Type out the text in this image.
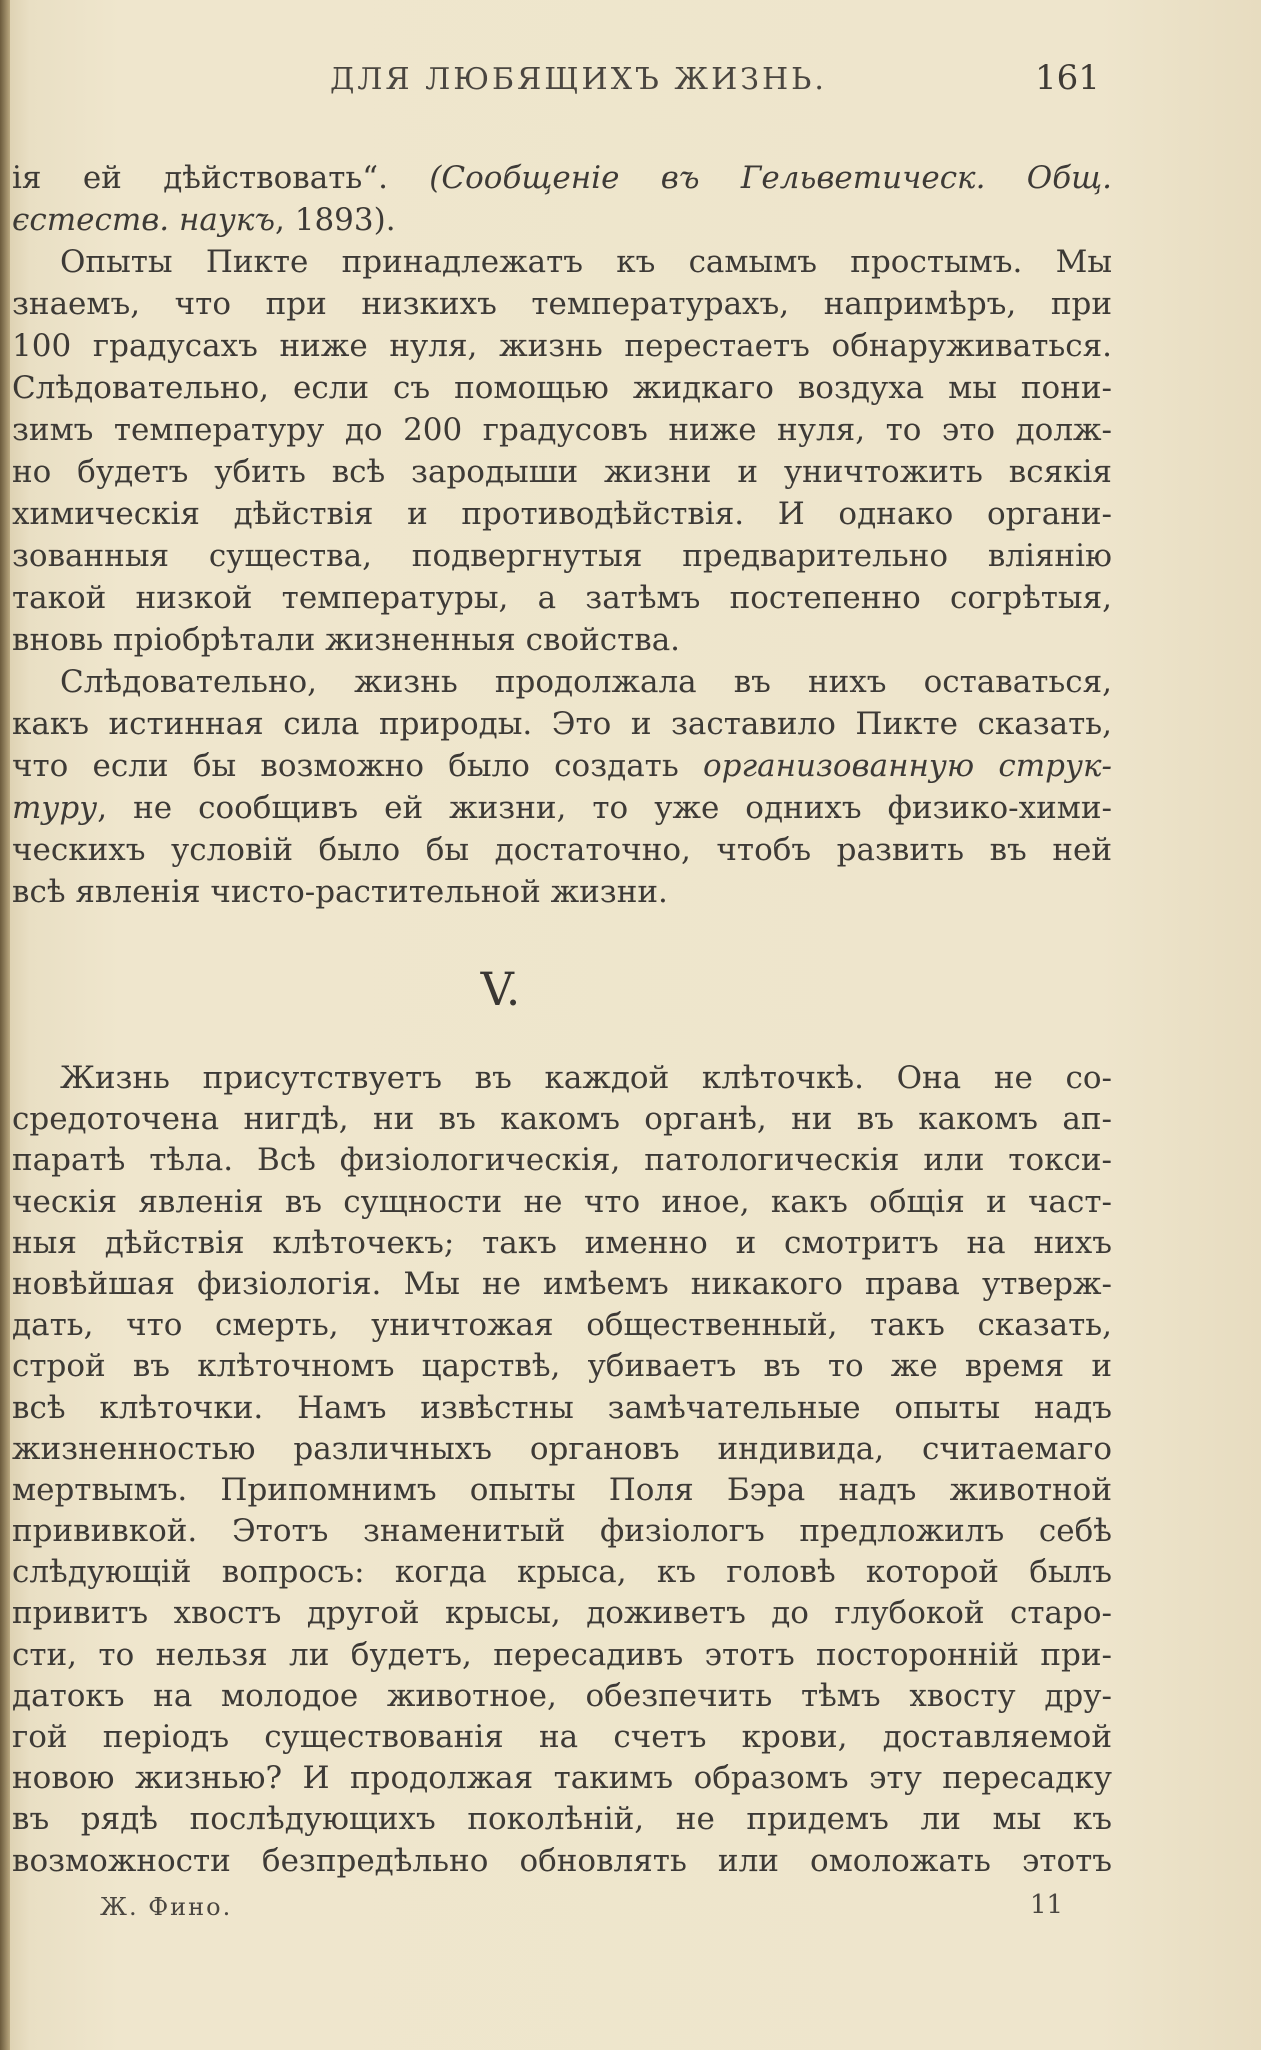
ДЛЯ ЛЮБЯЩИХЪ ЖИЗНЬ.	161
ія ей дѣйствовать“. (Сообщеніе въ Гельветическ. Общ.
єстеств. наукъ, 1893).
Опыты Пикте принадлежатъ къ самымъ простымъ. Мы
знаемъ, что при низкихъ температурахъ, напримѣръ, при
100 градусахъ ниже нуля, жизнь перестаетъ обнаруживаться.
Слѣдовательно, если съ помощью жидкаго воздуха мы пони-
зимъ температуру до 200 градусовъ ниже нуля, то это долж-
но будетъ убить всѣ зародыши жизни и уничтожить всякія
химическія дѣйствія и противодѣйствія. И однако органи-
зованныя существа, подвергнутыя предварительно вліянію
такой низкой температуры, а затѣмъ постепенно согрѣтыя,
вновь пріобрѣтали жизненныя свойства.
Слѣдовательно, жизнь продолжала въ нихъ оставаться,
какъ истинная сила природы. Это и заставило Пикте сказать,
что если бы возможно было создать организованную струк-
туру, не сообщивъ ей жизни, то уже однихъ физико-хими-
ческихъ условій было бы достаточно, чтобъ развить въ ней
всѣ явленія чисто-растительной жизни.
V.
Жизнь присутствуетъ въ каждой клѣточкѣ. Она не со-
средоточена нигдѣ, ни въ какомъ органѣ, ни въ какомъ ап-
паратѣ тѣла. Всѣ физіологическія, патологическія или токси-
ческія явленія въ сущности не что иное, какъ общія и част-
ныя дѣйствія клѣточекъ; такъ именно и смотритъ на нихъ
новѣйшая физіологія. Мы не имѣемъ никакого права утверж-
дать, что смерть, уничтожая общественный, такъ сказать,
строй въ клѣточномъ царствѣ, убиваетъ въ то же время и
всѣ клѣточки. Намъ извѣстны замѣчательные опыты надъ
жизненностью различныхъ органовъ индивида, считаемаго
мертвымъ. Припомнимъ опыты Поля Бэра надъ животной
прививкой. Этотъ знаменитый физіологъ предложилъ себѣ
слѣдующій вопросъ: когда крыса, къ головѣ которой былъ
привитъ хвостъ другой крысы, доживетъ до глубокой старо-
сти, то нельзя ли будетъ, пересадивъ этотъ посторонній при-
датокъ на молодое животное, обезпечить тѣмъ хвосту дру-
гой періодъ существованія на счетъ крови, доставляемой
новою жизнью? И продолжая такимъ образомъ эту пересадку
въ рядѣ послѣдующихъ поколѣній, не придемъ ли мы къ
возможности безпредѣльно обновлять или омоложать этотъ
Ж. Фино.	11
